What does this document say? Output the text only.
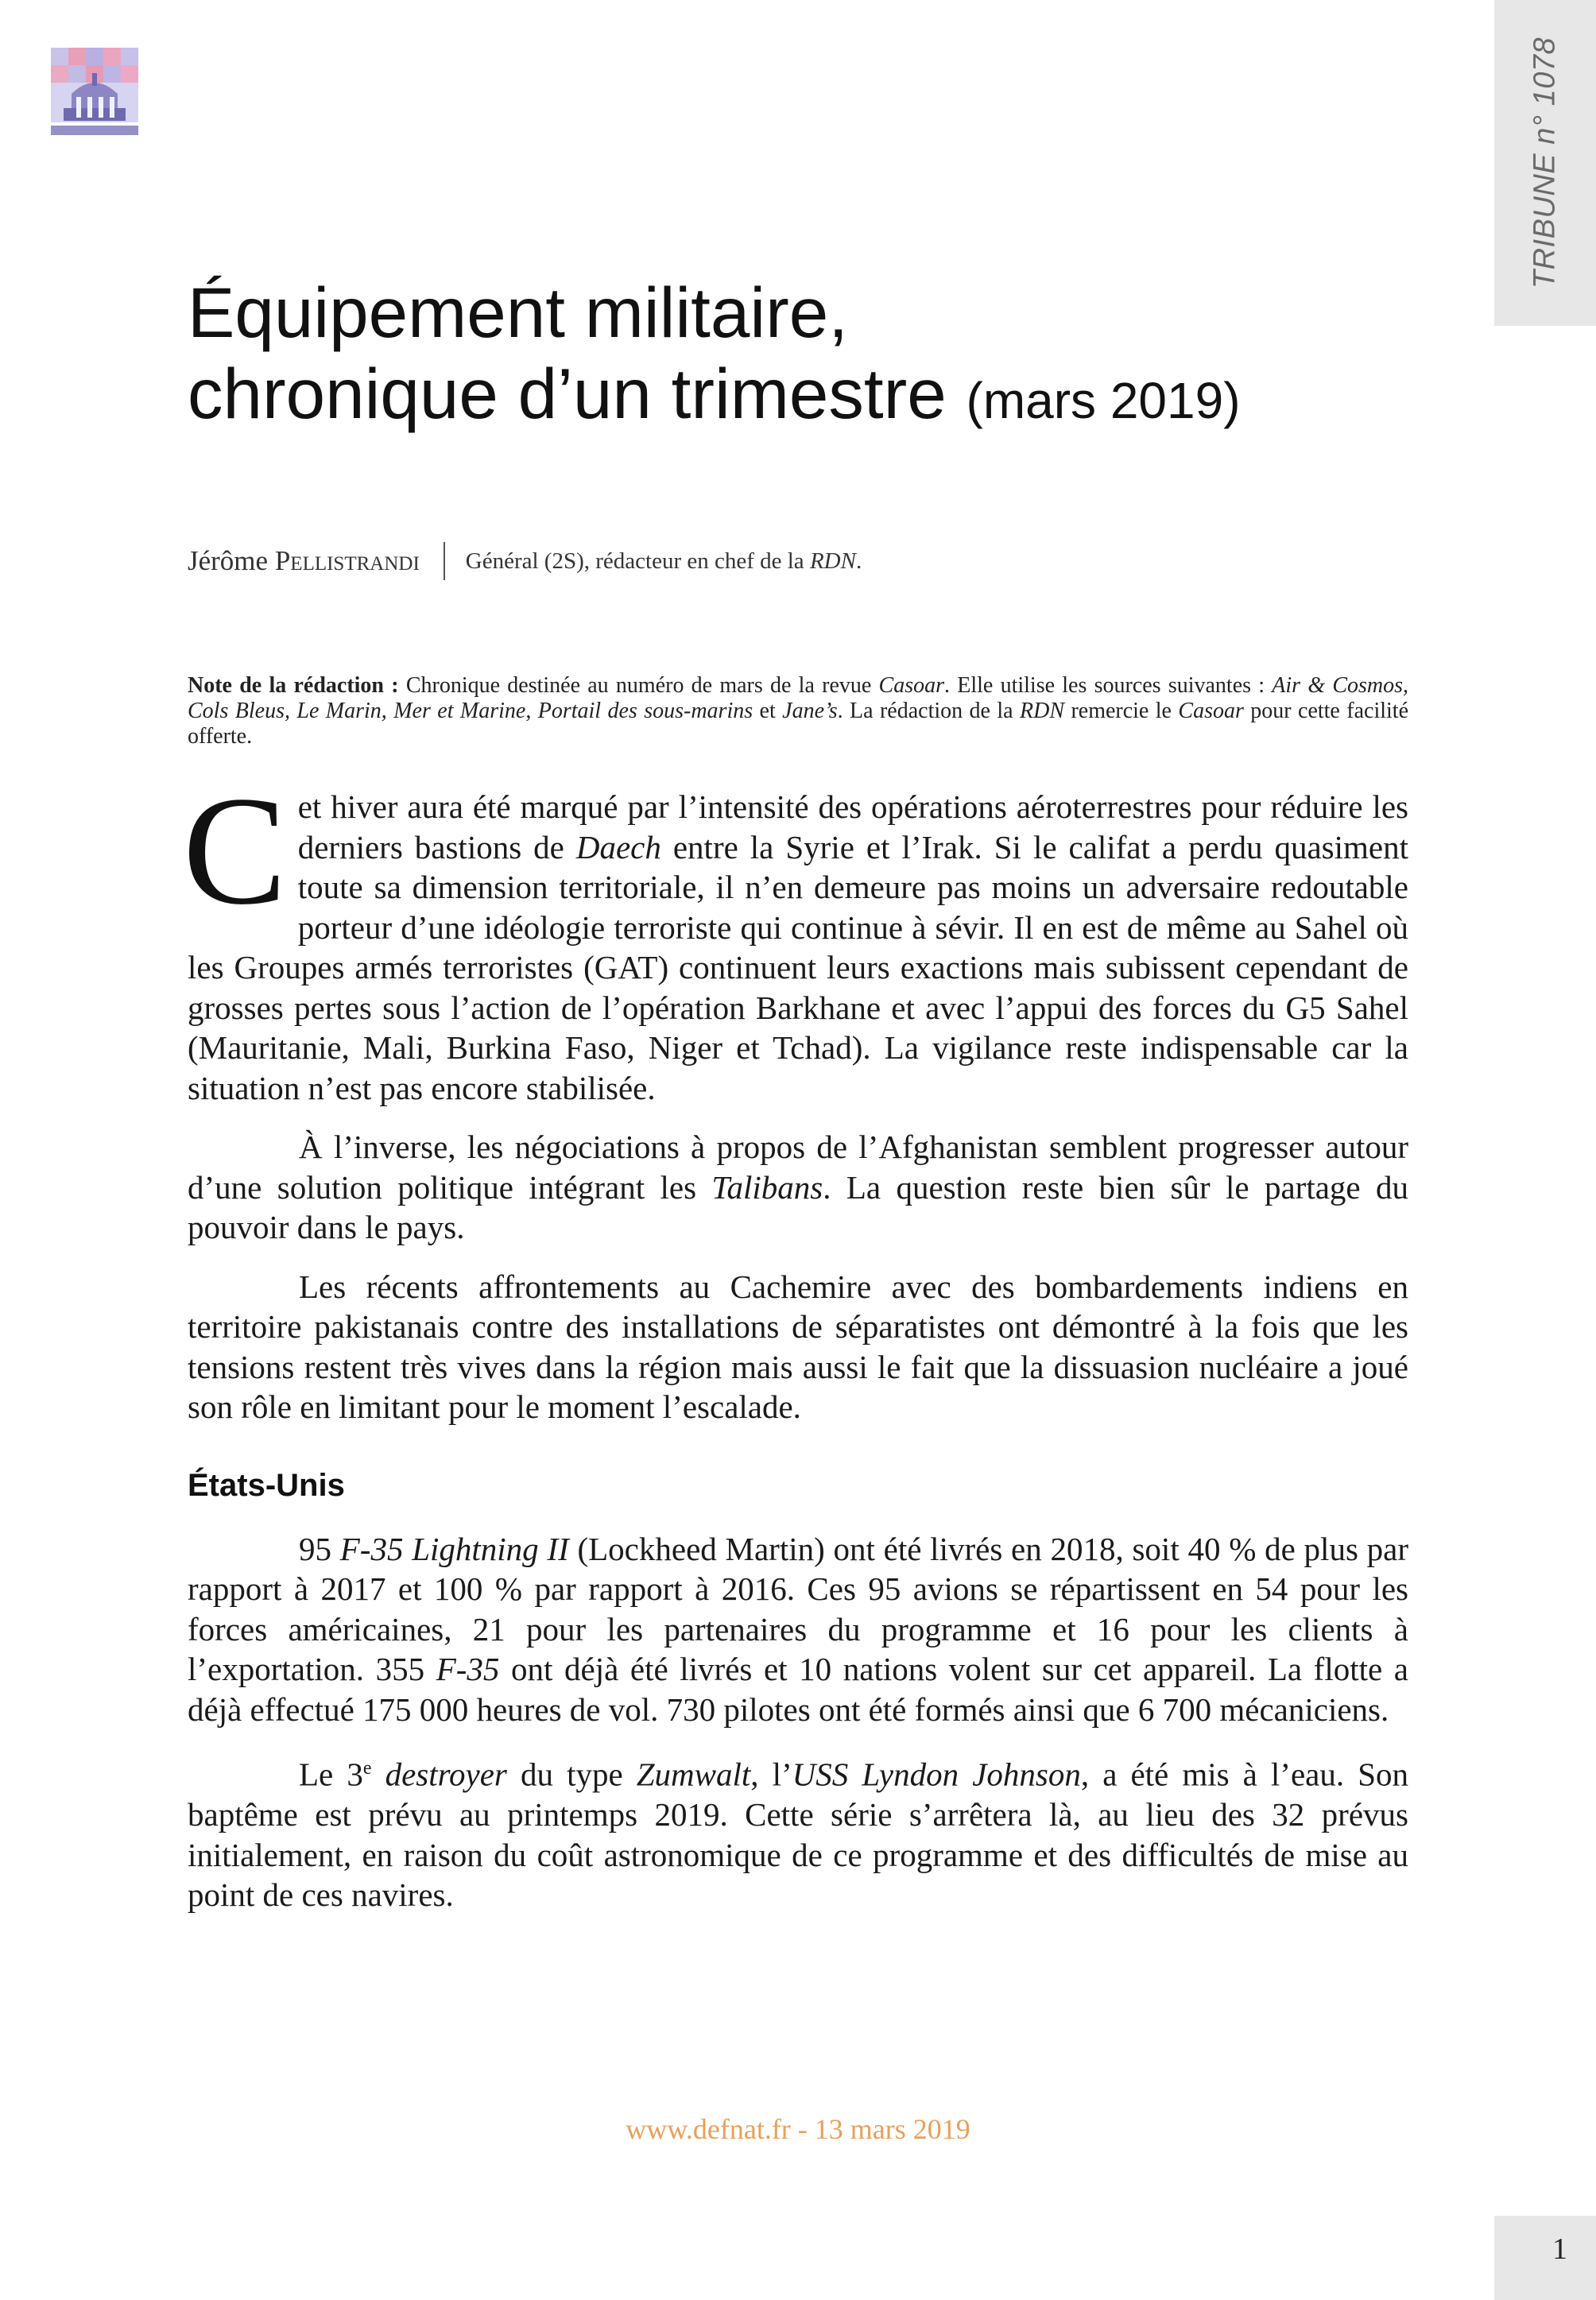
TRIBUNE n° 1078
Équipement militaire,
chronique d’un trimestre (mars 2019)
Jérôme Pellistrandi Général (2S), rédacteur en chef de la RDN.
Note de la rédaction : Chronique destinée au numéro de mars de la revue Casoar. Elle utilise les sources suivantes : Air & Cosmos, Cols Bleus, Le Marin, Mer et Marine, Portail des sous-marins et Jane’s. La rédaction de la RDN remercie le Casoar pour cette facilité offerte.

Cet hiver aura été marqué par l’intensité des opérations aéroterrestres pour réduire les derniers bastions de Daech entre la Syrie et l’Irak. Si le califat a perdu quasiment toute sa dimension territoriale, il n’en demeure pas moins un adversaire redoutable porteur d’une idéologie terroriste qui continue à sévir. Il en est de même au Sahel où les Groupes armés terroristes (GAT) continuent leurs exactions mais subissent cependant de grosses pertes sous l’action de l’opération Barkhane et avec l’appui des forces du G5 Sahel (Mauritanie, Mali, Burkina Faso, Niger et Tchad). La vigilance reste indispensable car la situation n’est pas encore stabilisée.

À l’inverse, les négociations à propos de l’Afghanistan semblent progresser autour d’une solution politique intégrant les Talibans. La question reste bien sûr le partage du pouvoir dans le pays.

Les récents affrontements au Cachemire avec des bombardements indiens en territoire pakistanais contre des installations de séparatistes ont démontré à la fois que les tensions restent très vives dans la région mais aussi le fait que la dissuasion nucléaire a joué son rôle en limitant pour le moment l’escalade.

États-Unis

95 F-35 Lightning II (Lockheed Martin) ont été livrés en 2018, soit 40 % de plus par rapport à 2017 et 100 % par rapport à 2016. Ces 95 avions se répartissent en 54 pour les forces américaines, 21 pour les partenaires du programme et 16 pour les clients à l’exportation. 355 F-35 ont déjà été livrés et 10 nations volent sur cet appareil. La flotte a déjà effectué 175 000 heures de vol. 730 pilotes ont été formés ainsi que 6 700 mécaniciens.

Le 3e destroyer du type Zumwalt, l’USS Lyndon Johnson, a été mis à l’eau. Son baptême est prévu au printemps 2019. Cette série s’arrêtera là, au lieu des 32 prévus initialement, en raison du coût astronomique de ce programme et des difficultés de mise au point de ces navires.

www.defnat.fr - 13 mars 2019
1
